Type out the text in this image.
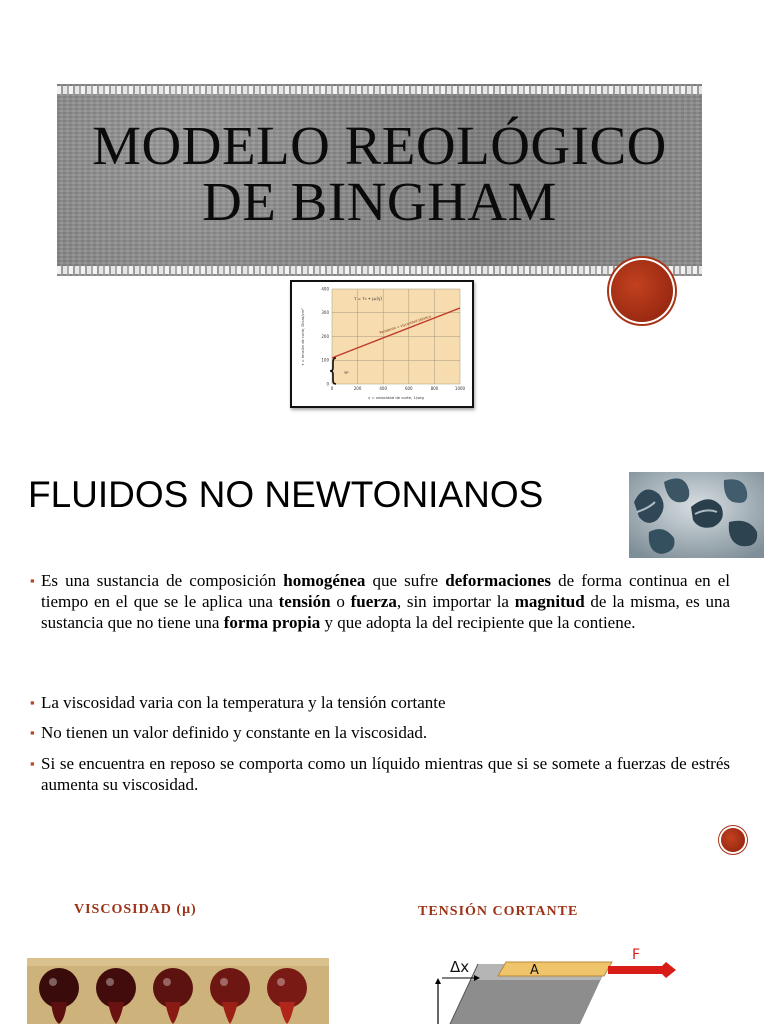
MODELO REOLÓGICO
DE BINGHAM
0
100
200
300
400
0	200	400	600	800	1000
τ = τ₀ + μₚ(γ)
τ = tensión de corte, Dinas/cm²
γ = velocidad de corte, 1/seg
YP
Pendiente = viscosidad plástica
FLUIDOS NO NEWTONIANOS
▪ Es una sustancia de composición homogénea que sufre deformaciones de forma continua en el tiempo en el que se le aplica una tensión o fuerza, sin importar la magnitud de la misma, es una sustancia que no tiene una forma propia y que adopta la del recipiente que la contiene.
▪ La viscosidad varia con la temperatura y la tensión cortante
▪ No tienen un valor definido y constante en la viscosidad.
▪ Si se encuentra en reposo se comporta como un líquido mientras que si se somete a fuerzas de estrés aumenta su viscosidad.
VISCOSIDAD (μ)	TENSIÓN CORTANTE
Δx	A
F
